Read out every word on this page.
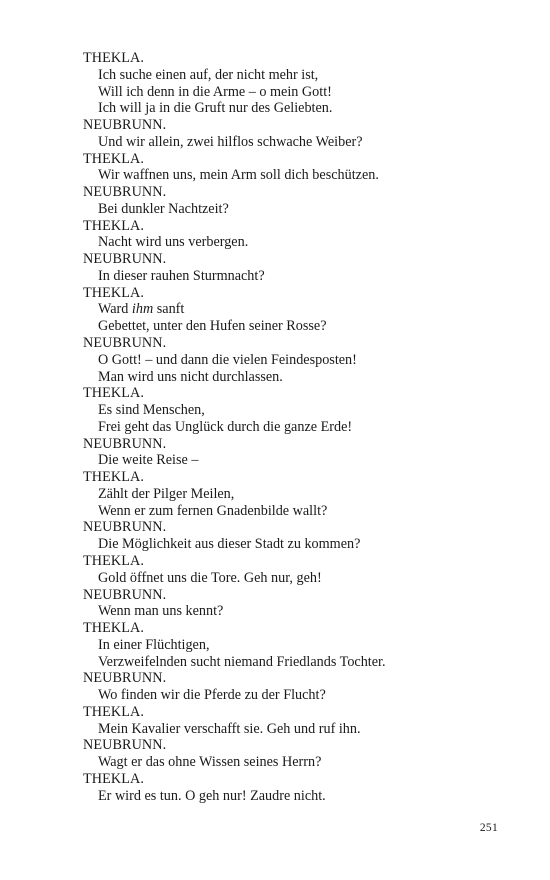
THEKLA.
Ich suche einen auf, der nicht mehr ist,
Will ich denn in die Arme – o mein Gott!
Ich will ja in die Gruft nur des Geliebten.
NEUBRUNN.
Und wir allein, zwei hilflos schwache Weiber?
THEKLA.
Wir waffnen uns, mein Arm soll dich beschützen.
NEUBRUNN.
Bei dunkler Nachtzeit?
THEKLA.
Nacht wird uns verbergen.
NEUBRUNN.
In dieser rauhen Sturmnacht?
THEKLA.
Ward ihm sanft
Gebettet, unter den Hufen seiner Rosse?
NEUBRUNN.
O Gott! – und dann die vielen Feindesposten!
Man wird uns nicht durchlassen.
THEKLA.
Es sind Menschen,
Frei geht das Unglück durch die ganze Erde!
NEUBRUNN.
Die weite Reise –
THEKLA.
Zählt der Pilger Meilen,
Wenn er zum fernen Gnadenbilde wallt?
NEUBRUNN.
Die Möglichkeit aus dieser Stadt zu kommen?
THEKLA.
Gold öffnet uns die Tore. Geh nur, geh!
NEUBRUNN.
Wenn man uns kennt?
THEKLA.
In einer Flüchtigen,
Verzweifelnden sucht niemand Friedlands Tochter.
NEUBRUNN.
Wo finden wir die Pferde zu der Flucht?
THEKLA.
Mein Kavalier verschafft sie. Geh und ruf ihn.
NEUBRUNN.
Wagt er das ohne Wissen seines Herrn?
THEKLA.
Er wird es tun. O geh nur! Zaudre nicht.
251
